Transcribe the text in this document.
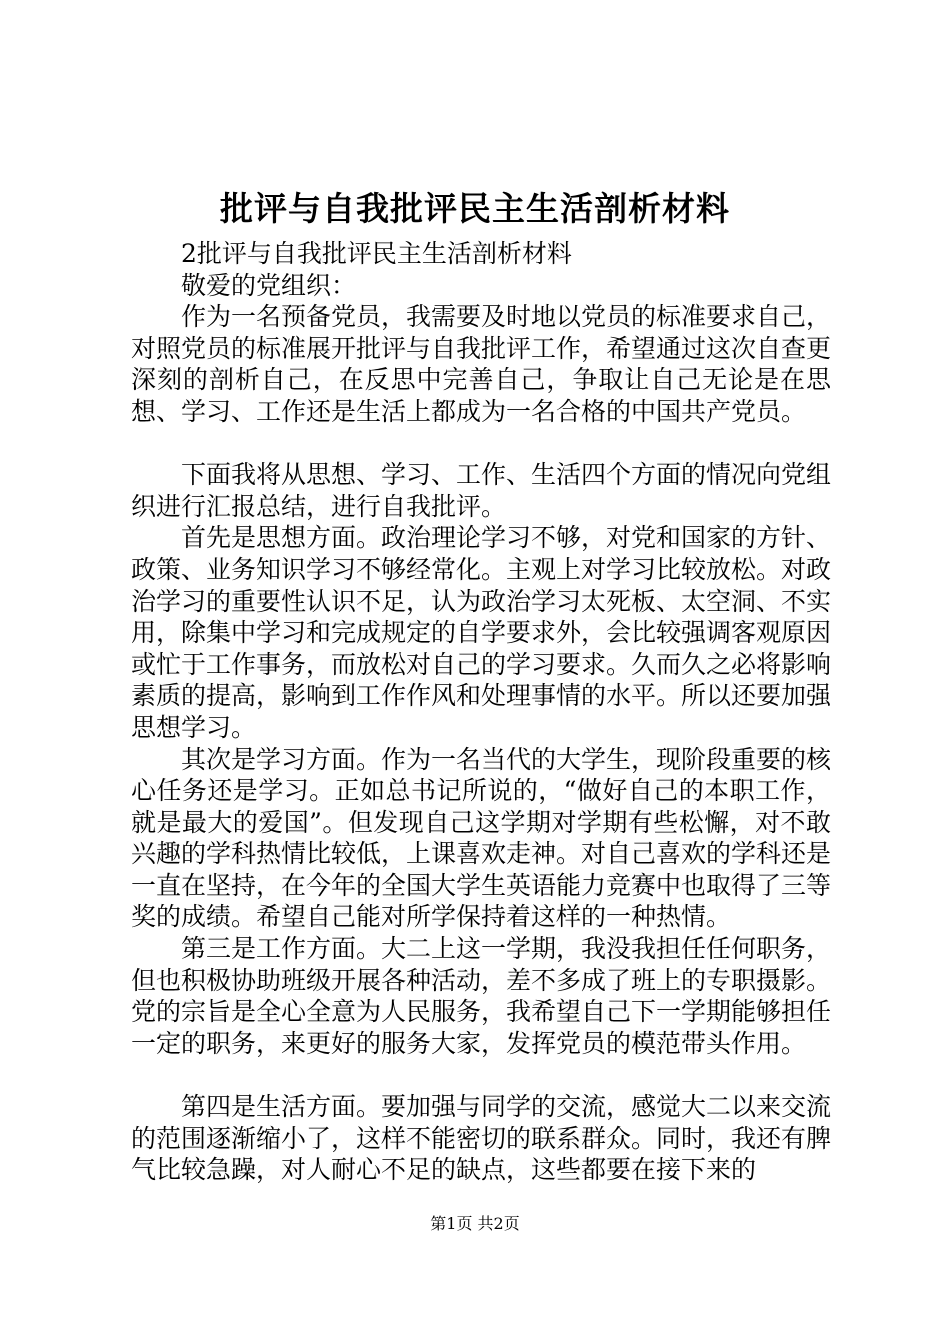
批评与自我批评民主生活剖析材料

2批评与自我批评民主生活剖析材料

敬爱的党组织：

作为一名预备党员，我需要及时地以党员的标准要求自己，对照党员的标准展开批评与自我批评工作，希望通过这次自查更深刻的剖析自己，在反思中完善自己，争取让自己无论是在思想、学习、工作还是生活上都成为一名合格的中国共产党员。

下面我将从思想、学习、工作、生活四个方面的情况向党组织进行汇报总结，进行自我批评。

首先是思想方面。政治理论学习不够，对党和国家的方针、政策、业务知识学习不够经常化。主观上对学习比较放松。对政治学习的重要性认识不足，认为政治学习太死板、太空洞、不实用，除集中学习和完成规定的自学要求外，会比较强调客观原因或忙于工作事务，而放松对自己的学习要求。久而久之必将影响素质的提高，影响到工作作风和处理事情的水平。所以还要加强思想学习。

其次是学习方面。作为一名当代的大学生，现阶段重要的核心任务还是学习。正如总书记所说的，“做好自己的本职工作，就是最大的爱国”。但发现自己这学期对学期有些松懈，对不敢兴趣的学科热情比较低，上课喜欢走神。对自己喜欢的学科还是一直在坚持，在今年的全国大学生英语能力竞赛中也取得了三等奖的成绩。希望自己能对所学保持着这样的一种热情。

第三是工作方面。大二上这一学期，我没我担任任何职务，但也积极协助班级开展各种活动，差不多成了班上的专职摄影。党的宗旨是全心全意为人民服务，我希望自己下一学期能够担任一定的职务，来更好的服务大家，发挥党员的模范带头作用。

第四是生活方面。要加强与同学的交流，感觉大二以来交流的范围逐渐缩小了，这样不能密切的联系群众。同时，我还有脾气比较急躁，对人耐心不足的缺点，这些都要在接下来的

第1页 共2页
